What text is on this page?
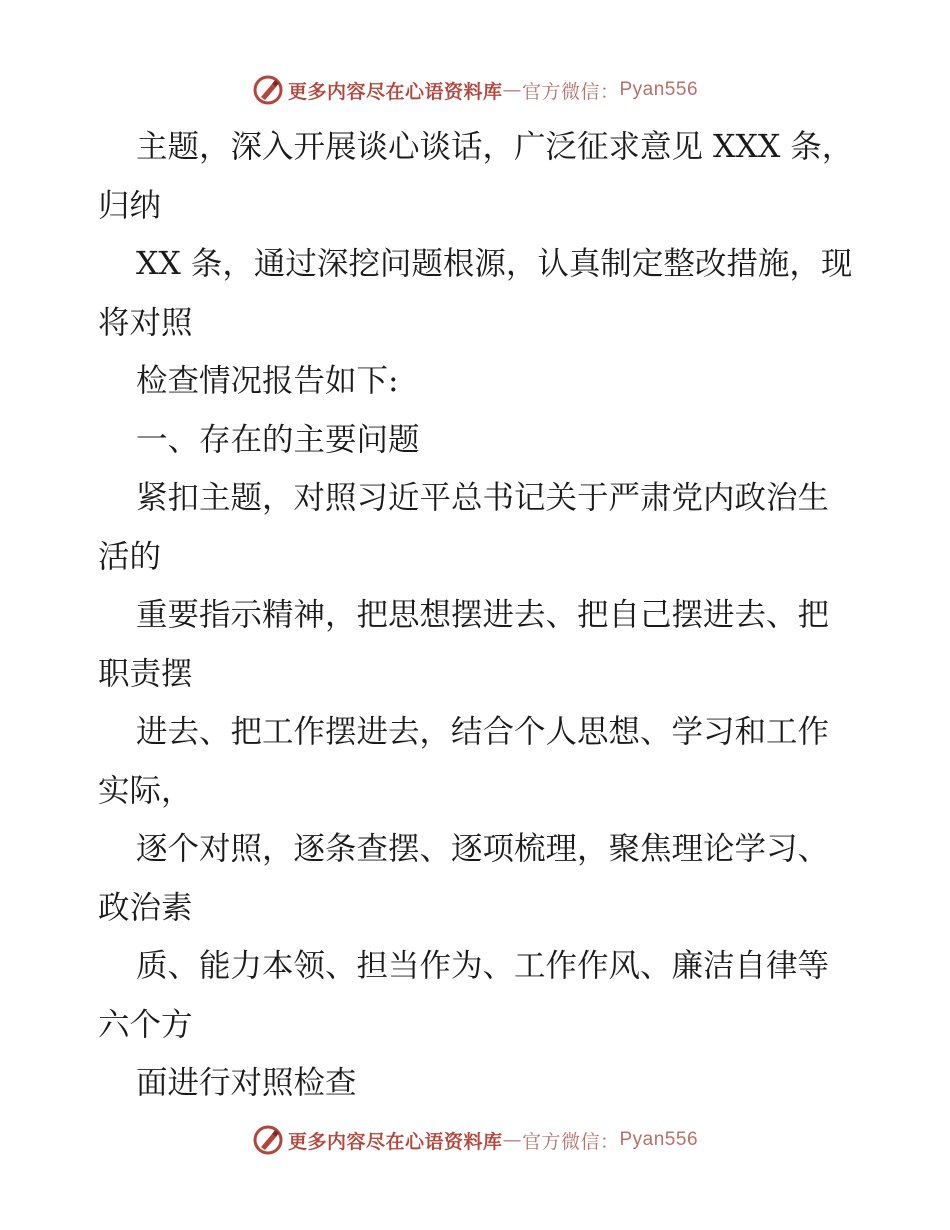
更多内容尽在心语资料库 — 官方微信： Pyan556

主题，深入开展谈心谈话，广泛征求意见 XXX 条，归纳

XX 条，通过深挖问题根源，认真制定整改措施，现将对照

检查情况报告如下:

一、存在的主要问题

紧扣主题，对照习近平总书记关于严肃党内政治生活的

重要指示精神，把思想摆进去、把自己摆进去、把职责摆

进去、把工作摆进去，结合个人思想、学习和工作实际，

逐个对照，逐条查摆、逐项梳理，聚焦理论学习、政治素

质、能力本领、担当作为、工作作风、廉洁自律等六个方

面进行对照检查

更多内容尽在心语资料库 — 官方微信： Pyan556
